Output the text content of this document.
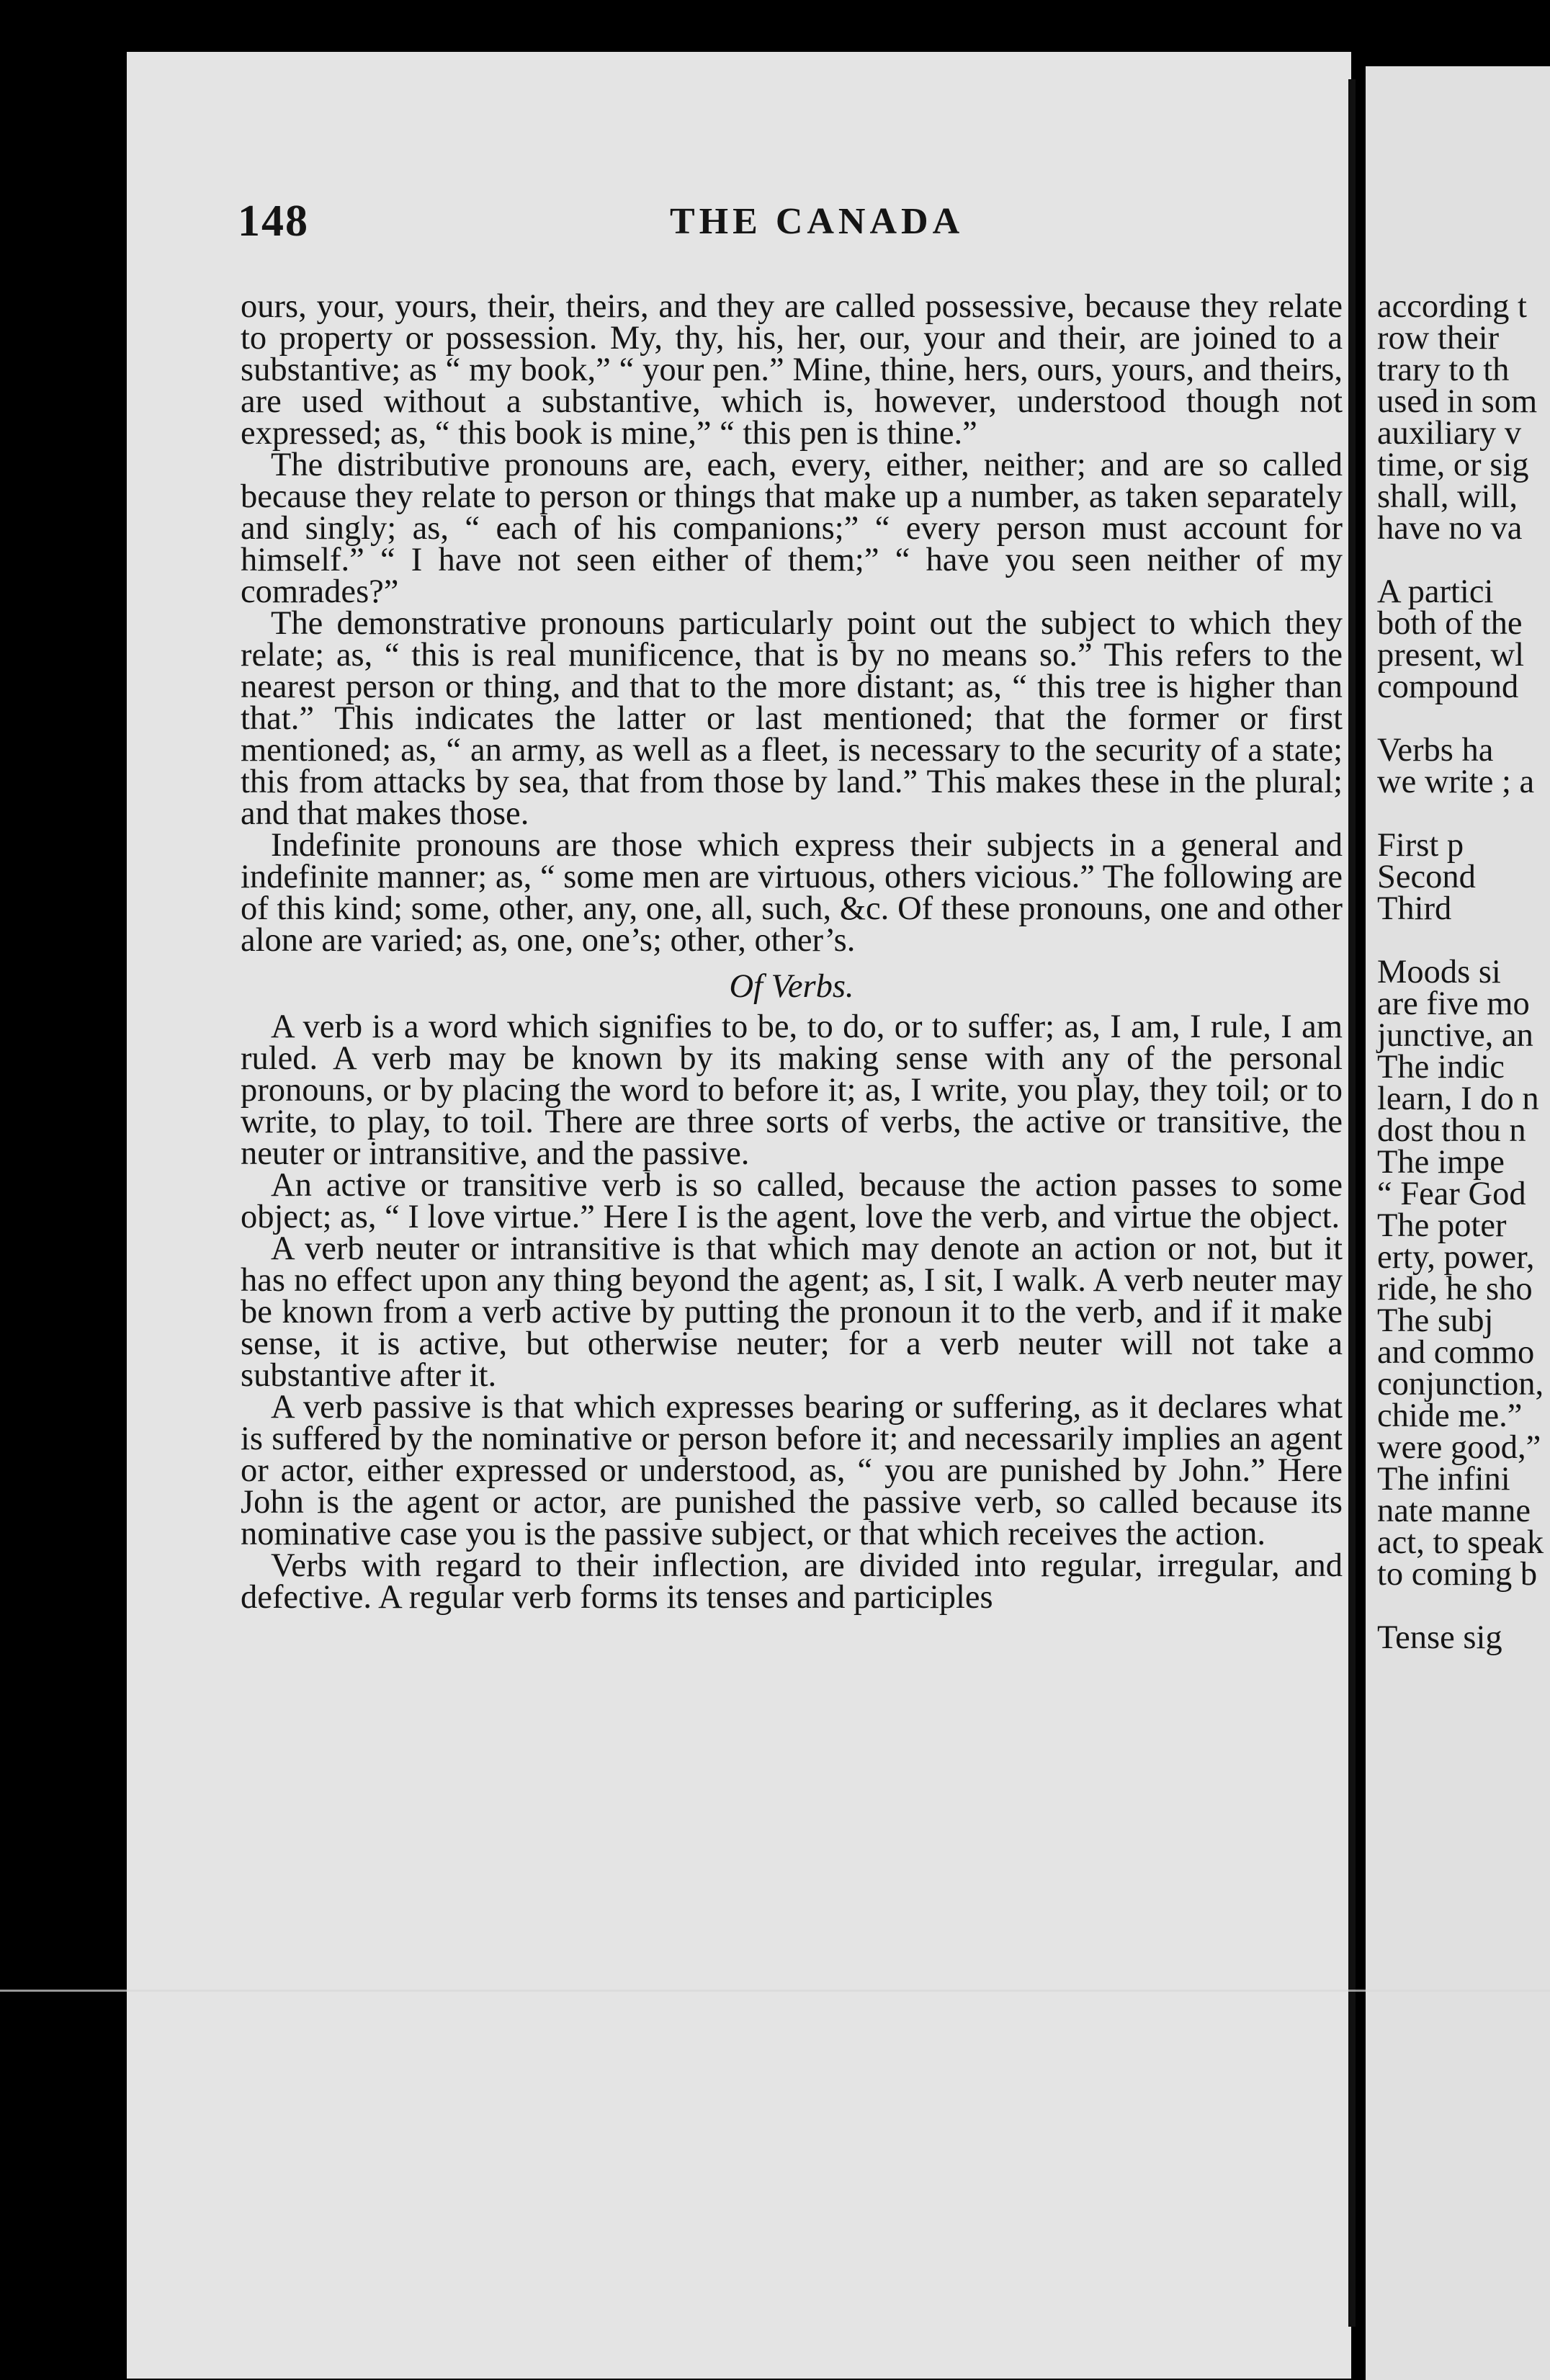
148	THE CANADA

ours, your, yours, their, theirs, and they are called possessive, because they relate to property or possession. My, thy, his, her, our, your and their, are joined to a substantive; as “ my book,” “ your pen.” Mine, thine, hers, ours, yours, and theirs, are used without a substantive, which is, however, understood though not expressed; as, “ this book is mine,” “ this pen is thine.”

The distributive pronouns are, each, every, either, neither; and are so called because they relate to person or things that make up a number, as taken separately and singly; as, “ each of his companions;” “ every person must account for himself.” “ I have not seen either of them;” “ have you seen neither of my comrades?”

The demonstrative pronouns particularly point out the subject to which they relate; as, “ this is real munificence, that is by no means so.” This refers to the nearest person or thing, and that to the more distant; as, “ this tree is higher than that.” This indicates the latter or last mentioned; that the former or first mentioned; as, “ an army, as well as a fleet, is necessary to the security of a state; this from attacks by sea, that from those by land.” This makes these in the plural; and that makes those.

Indefinite pronouns are those which express their subjects in a general and indefinite manner; as, “ some men are virtuous, others vicious.” The following are of this kind; some, other, any, one, all, such, &c. Of these pronouns, one and other alone are varied; as, one, one’s; other, other’s.

Of Verbs.

A verb is a word which signifies to be, to do, or to suffer; as, I am, I rule, I am ruled. A verb may be known by its making sense with any of the personal pronouns, or by placing the word to before it; as, I write, you play, they toil; or to write, to play, to toil. There are three sorts of verbs, the active or transitive, the neuter or intransitive, and the passive.

An active or transitive verb is so called, because the action passes to some object; as, “ I love virtue.” Here I is the agent, love the verb, and virtue the object.

A verb neuter or intransitive is that which may denote an action or not, but it has no effect upon any thing beyond the agent; as, I sit, I walk. A verb neuter may be known from a verb active by putting the pronoun it to the verb, and if it make sense, it is active, but otherwise neuter; for a verb neuter will not take a substantive after it.

A verb passive is that which expresses bearing or suffering, as it declares what is suffered by the nominative or person before it; and necessarily implies an agent or actor, either expressed or understood, as, “ you are punished by John.” Here John is the agent or actor, are punished the passive verb, so called because its nominative case you is the passive subject, or that which receives the action.

Verbs with regard to their inflection, are divided into regular, irregular, and defective. A regular verb forms its tenses and participles

according t
row their
trary to th
used in som
auxiliary v
time, or sig
shall, will,
have no va
A partici
both of the
present, wl
compound
Verbs ha
we write ; a
First p
Second
Third
Moods si
are five mo
junctive, an
The indic
learn, I do n
dost thou n
The impe
“ Fear God
The poter
erty, power,
ride, he sho
The subj
and commo
conjunction,
chide me.”
were good,”
The infini
nate manne
act, to speak
to coming b
Tense sig
